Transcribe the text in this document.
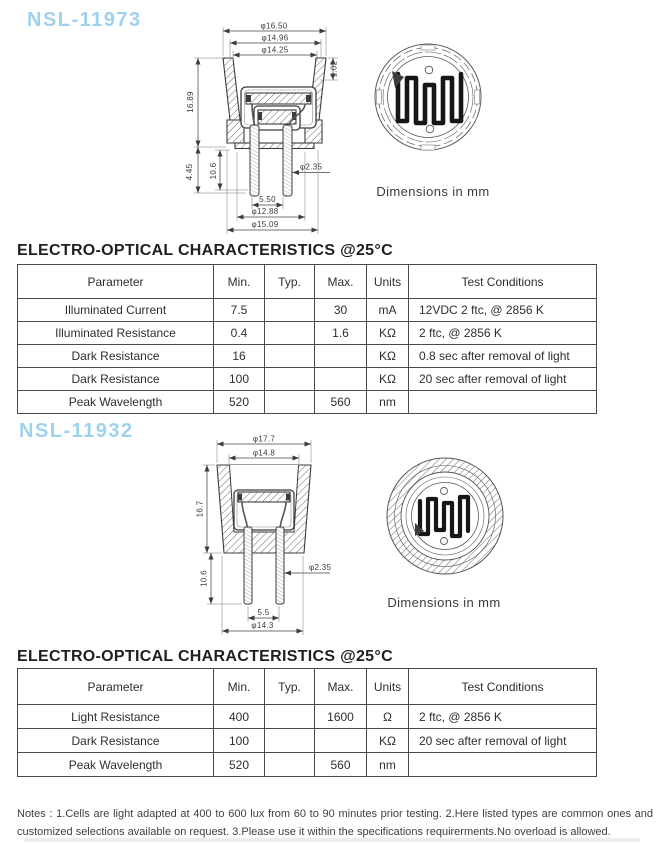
NSL-11973	φ16.50
φ14.96
φ14.25
1.02
16.89
4.45 10.6	φ2.35
5.50
φ12.88
φ15.09
Dimensions in mm
ELECTRO-OPTICAL CHARACTERISTICS @25°C
Parameter	Min.	Typ.	Max.	Units	Test Conditions
Illuminated Current	7.5		30	mA	12VDC 2 ftc, @ 2856 K
Illuminated Resistance	0.4		1.6	KΩ	2 ftc, @ 2856 K
Dark Resistance	16			KΩ	0.8 sec after removal of light
Dark Resistance	100			KΩ	20 sec after removal of light
Peak Wavelength	520		560	nm	
NSL-11932	φ17.7
φ14.8
16.7
10.6
φ2.35
5.5
φ14.3
Dimensions in mm
ELECTRO-OPTICAL CHARACTERISTICS @25°C
Parameter	Min.	Typ.	Max.	Units	Test Conditions
Light Resistance	400		1600	Ω	2 ftc, @ 2856 K
Dark Resistance	100			KΩ	20 sec after removal of light
Peak Wavelength	520		560	nm	
Notes : 1.Cells are light adapted at 400 to 600 lux from 60 to 90 minutes prior testing. 2.Here listed types are common ones and customized selections available on request. 3.Please use it within the specifications requirerments.No overload is allowed.
